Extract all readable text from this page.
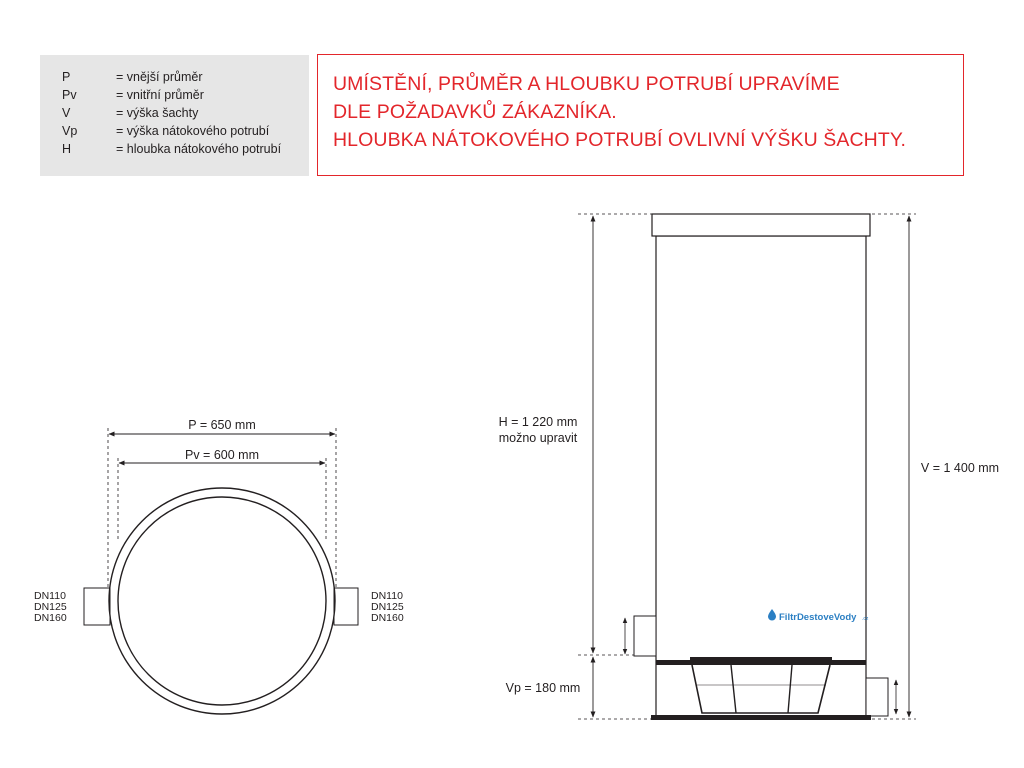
P	= vnější průměr
Pv	= vnitřní průměr
V	= výška šachty
Vp	= výška nátokového potrubí
H	= hloubka nátokového potrubí
UMÍSTĚNÍ, PRŮMĚR A HLOUBKU POTRUBÍ UPRAVÍME
DLE POŽADAVKŮ ZÁKAZNÍKA.
HLOUBKA NÁTOKOVÉHO POTRUBÍ OVLIVNÍ VÝŠKU ŠACHTY.
P = 650 mm
Pv = 600 mm
DN110
DN125
DN160
DN110
DN125
DN160
H = 1 220 mm
možno upravit
V = 1 400 mm
Vp = 180 mm
FiltrDestoveVody .cz
